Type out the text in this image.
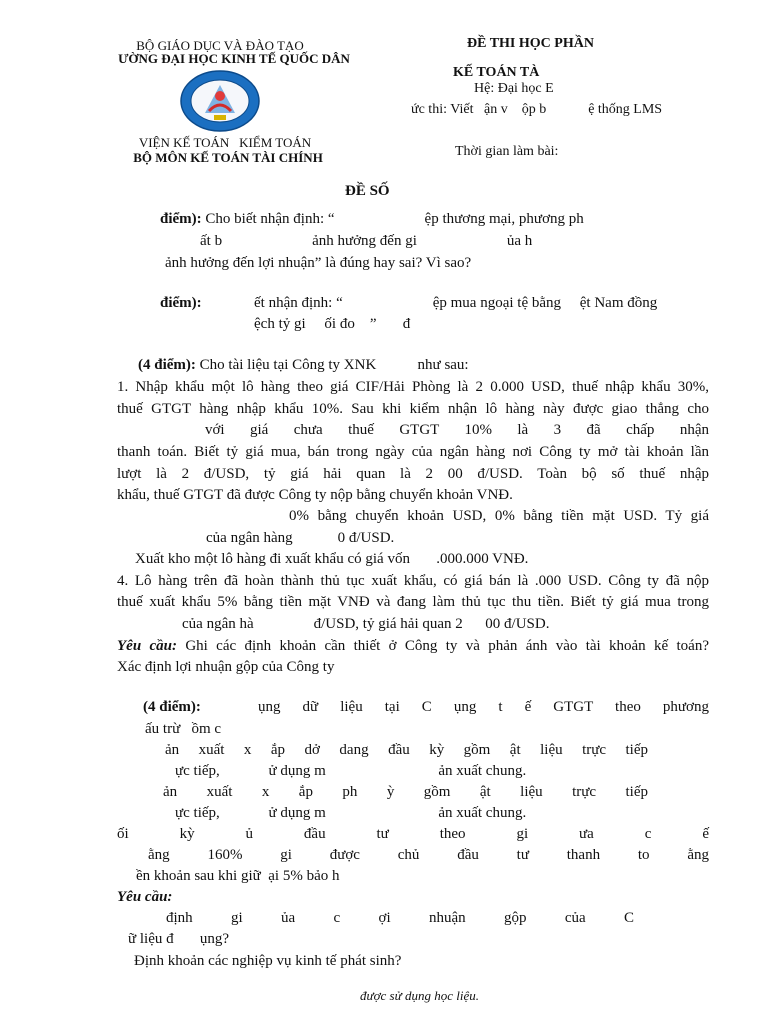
BỘ GIÁO DỤC VÀ ĐÀO TẠO
ƯỜNG ĐẠI HỌC KINH TẾ QUỐC DÂN
VIỆN KẾ TOÁN   KIỂM TOÁN
BỘ MÔN KẾ TOÁN TÀI CHÍNH
ĐỀ THI HỌC PHẦN
KẾ TOÁN TÀ
Hệ: Đại học E
ức thi: Viết   ận v    ộp b            ệ thống LMS
Thời gian làm bài:
ĐỀ SỐ
điểm): Cho biết nhận định: “                        ệp thương mại, phương ph
ất b                        ảnh hưởng đến gi                        ủa h
ảnh hưởng đến lợi nhuận” là đúng hay sai? Vì sao?
điểm):	ết nhận định: “                        ệp mua ngoại tệ bằng     ệt Nam đồng
ệch tỷ gi     ối đo    ”       đ
(4 điểm): Cho tài liệu tại Công ty XNK           như sau:
1. Nhập khẩu một lô hàng theo giá CIF/Hải Phòng là 2 0.000 USD, thuế nhập khẩu 30%,
thuế GTGT hàng nhập khẩu 10%. Sau khi kiểm nhận lô hàng này được giao thẳng cho
với giá chưa thuế GTGT 10% là 3 đã chấp nhận
thanh toán. Biết tỷ giá mua, bán trong ngày của ngân hàng nơi Công ty mở tài khoản lần
lượt là 2 đ/USD, tỷ giá hải quan là 2 00 đ/USD. Toàn bộ số thuế nhập
khẩu, thuế GTGT đã được Công ty nộp bằng chuyển khoản VNĐ.
0% bằng chuyển khoản USD, 0% bằng tiền mặt USD. Tỷ giá
của ngân hàng            0 đ/USD.
Xuất kho một lô hàng đi xuất khẩu có giá vốn       .000.000 VNĐ.
4. Lô hàng trên đã hoàn thành thủ tục xuất khẩu, có giá bán là .000 USD. Công ty đã nộp
thuế xuất khẩu 5% bằng tiền mặt VNĐ và đang làm thủ tục thu tiền. Biết tỷ giá mua trong
của ngân hà                đ/USD, tỷ giá hải quan 2      00 đ/USD.
Yêu cầu: Ghi các định khoản cần thiết ở Công ty và phản ánh vào tài khoản kế toán?
Xác định lợi nhuận gộp của Công ty
(4 điểm):	ụng dữ liệu tại C ụng t ế GTGT theo phương
ấu trừ   ồm c
ản xuất x ắp dở dang đầu kỳ gồm ật liệu trực tiếp
ực tiếp,             ử dụng m                              ản xuất chung.
ản xuất x ắp ph ỳ gồm ật liệu trực tiếp
ực tiếp,             ử dụng m                              ản xuất chung.
ối kỳ ủ đầu tư theo gi ưa c ế
ằng 160% gi được chủ đầu tư thanh to ằng
ền khoản sau khi giữ  ại 5% bảo h
Yêu cầu:
định gi ủa c ợi nhuận gộp của C
ữ liệu đ       ụng?
Định khoản các nghiệp vụ kinh tế phát sinh?
được sử dụng học liệu.
